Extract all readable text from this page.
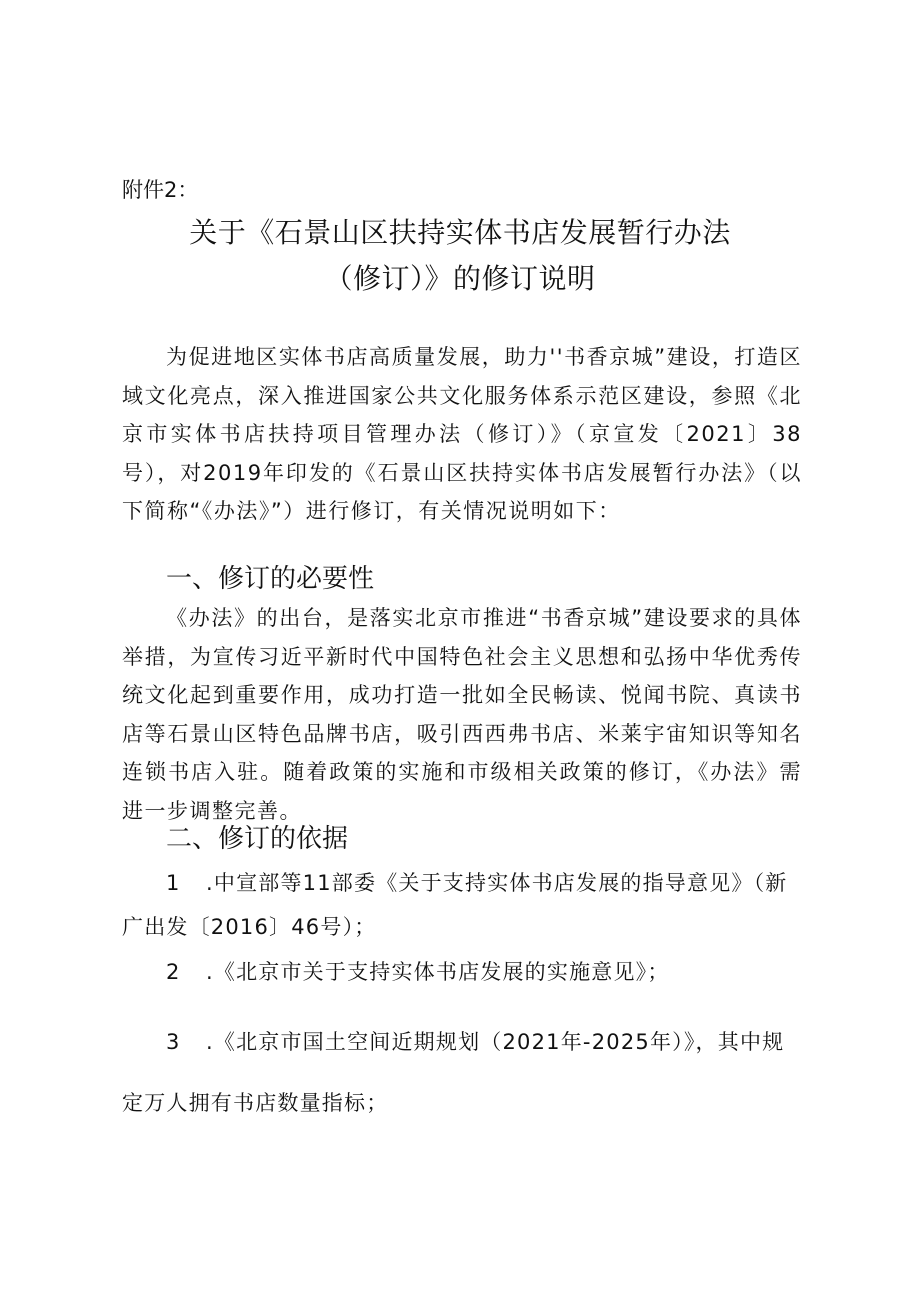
附件2：
关于《石景山区扶持实体书店发展暂行办法
（修订）》的修订说明
为促进地区实体书店高质量发展，助力''书香京城”建设，打造区域文化亮点，深入推进国家公共文化服务体系示范区建设，参照《北京市实体书店扶持项目管理办法（修订）》（京宣发〔2021〕38号），对2019年印发的《石景山区扶持实体书店发展暂行办法》（以下简称“《办法》”）进行修订，有关情况说明如下：
一、修订的必要性
《办法》的出台，是落实北京市推进“书香京城”建设要求的具体举措，为宣传习近平新时代中国特色社会主义思想和弘扬中华优秀传统文化起到重要作用，成功打造一批如全民畅读、悦闻书院、真读书店等石景山区特色品牌书店，吸引西西弗书店、米莱宇宙知识等知名连锁书店入驻。随着政策的实施和市级相关政策的修订，《办法》需进一步调整完善。
二、修订的依据
1 .中宣部等11部委《关于支持实体书店发展的指导意见》（新广出发〔2016〕46号）；
2 .《北京市关于支持实体书店发展的实施意见》；
3 .《北京市国土空间近期规划（2021年-2025年）》，其中规定万人拥有书店数量指标；
